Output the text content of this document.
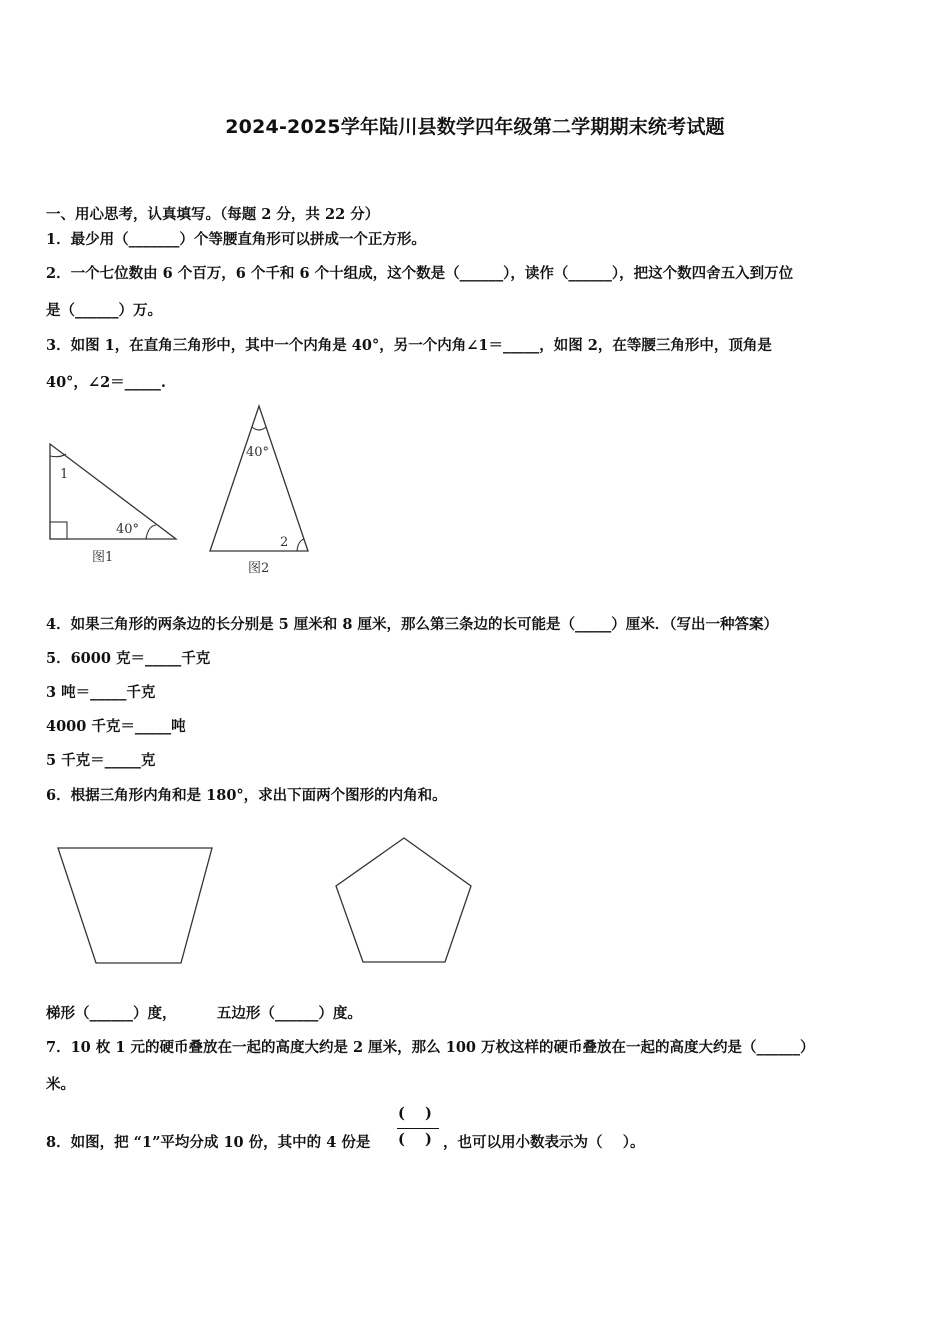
2024-2025学年陆川县数学四年级第二学期期末统考试题
一、用心思考，认真填写。（每题 2 分，共 22 分）
1．最少用（_______）个等腰直角形可以拼成一个正方形。
2．一个七位数由 6 个百万，6 个千和 6 个十组成，这个数是（______），读作（______），把这个数四舍五入到万位
是（______）万。
3．如图 1，在直角三角形中，其中一个内角是 40°，另一个内角∠1＝_____，如图 2，在等腰三角形中，顶角是
40°，∠2＝_____.
1
40°
图1
40°
2
图2
4．如果三角形的两条边的长分别是 5 厘米和 8 厘米，那么第三条边的长可能是（_____）厘米．（写出一种答案）
5．6000 克＝_____千克
3 吨＝_____千克
4000 千克＝_____吨
5 千克＝_____克
6．根据三角形内角和是 180°，求出下面两个图形的内角和。
梯形（______）度，        五边形（______）度。
7．10 枚 1 元的硬币叠放在一起的高度大约是 2 厘米，那么 100 万枚这样的硬币叠放在一起的高度大约是（______）
米。
(    )
(    )
8．如图，把 “1”平均分成 10 份，其中的 4 份是	，也可以用小数表示为（    ）。
